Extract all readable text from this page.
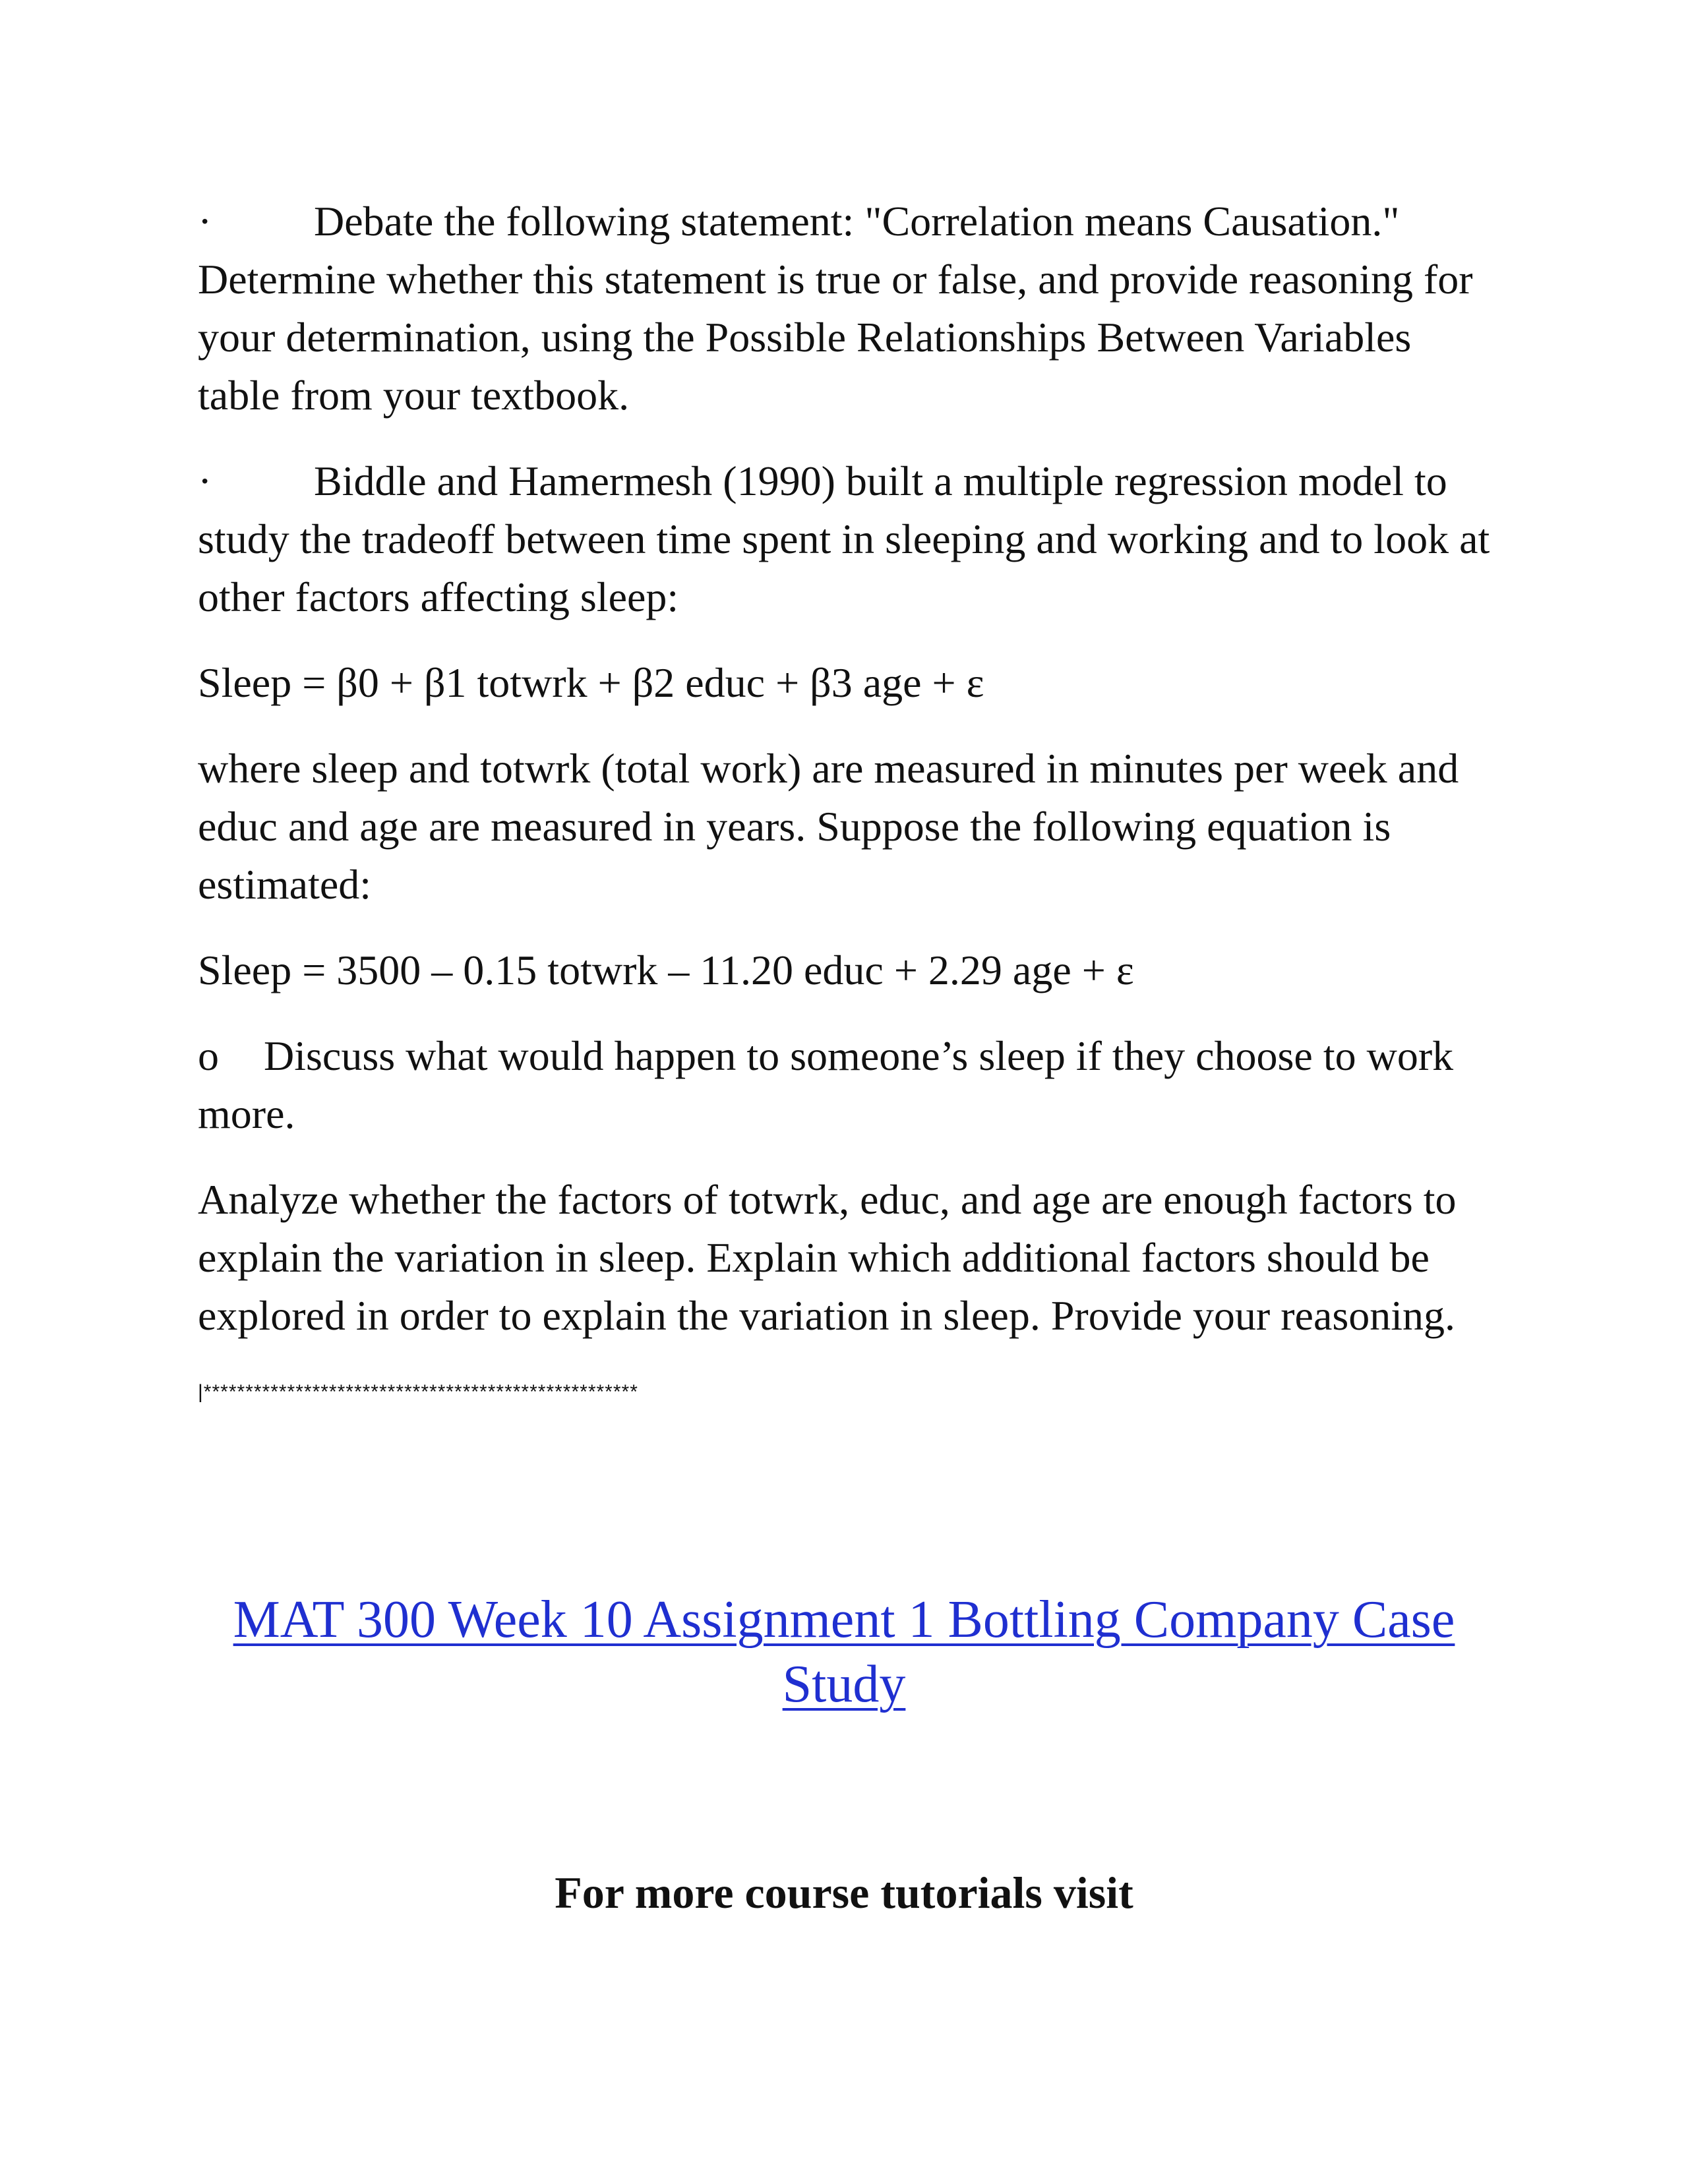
· Debate the following statement: "Correlation means Causation." Determine whether this statement is true or false, and provide reasoning for your determination, using the Possible Relationships Between Variables table from your textbook.

· Biddle and Hamermesh (1990) built a multiple regression model to study the tradeoff between time spent in sleeping and working and to look at other factors affecting sleep:

Sleep = β0 + β1 totwrk + β2 educ + β3 age + ε

where sleep and totwrk (total work) are measured in minutes per week and educ and age are measured in years. Suppose the following equation is estimated:

Sleep = 3500 – 0.15 totwrk – 11.20 educ + 2.29 age + ε

o Discuss what would happen to someone’s sleep if they choose to work more.

Analyze whether the factors of totwrk, educ, and age are enough factors to explain the variation in sleep. Explain which additional factors should be explored in order to explain the variation in sleep. Provide your reasoning.

|****************************************************
MAT 300 Week 10 Assignment 1 Bottling Company Case Study
For more course tutorials visit
